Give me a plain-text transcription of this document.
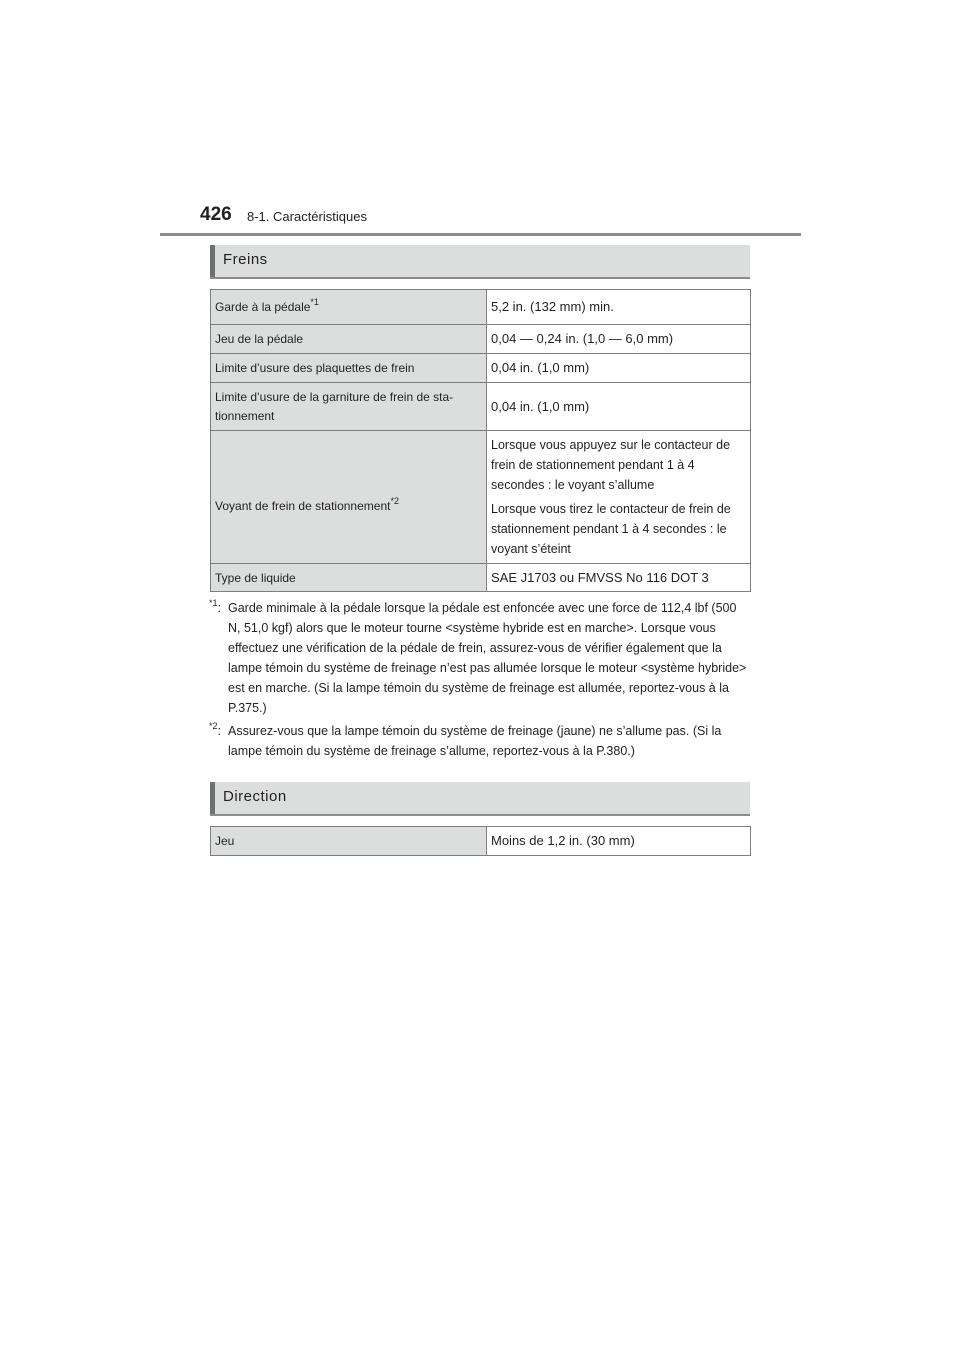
426 8-1. Caractéristiques
Freins
Garde à la pédale$^{*1}$	5,2 in. (132 mm) min.
Jeu de la pédale	0,04 — 0,24 in. (1,0 — 6,0 mm)
Limite d’usure des plaquettes de frein	0,04 in. (1,0 mm)
Limite d’usure de la garniture de frein de sta-tionnement	0,04 in. (1,0 mm)
Voyant de frein de stationnement$^{*2}$	Lorsque vous appuyez sur le contacteur de frein de stationnement pendant 1 à 4 secondes : le voyant s’allume

Lorsque vous tirez le contacteur de frein de stationnement pendant 1 à 4 secondes : le voyant s’éteint

Type de liquide	SAE J1703 ou FMVSS No 116 DOT 3
$^{*1}$: Garde minimale à la pédale lorsque la pédale est enfoncée avec une force de 112,4 lbf (500 N, 51,0 kgf) alors que le moteur tourne <système hybride est en marche>. Lorsque vous effectuez une vérification de la pédale de frein, assurez-vous de vérifier également que la lampe témoin du système de freinage n’est pas allumée lorsque le moteur <système hybride> est en marche. (Si la lampe témoin du système de freinage est allumée, reportez-vous à la P.375.)
$^{*2}$: Assurez-vous que la lampe témoin du système de freinage (jaune) ne s’allume pas. (Si la lampe témoin du système de freinage s’allume, reportez-vous à la P.380.)
Direction
Jeu	Moins de 1,2 in. (30 mm)
